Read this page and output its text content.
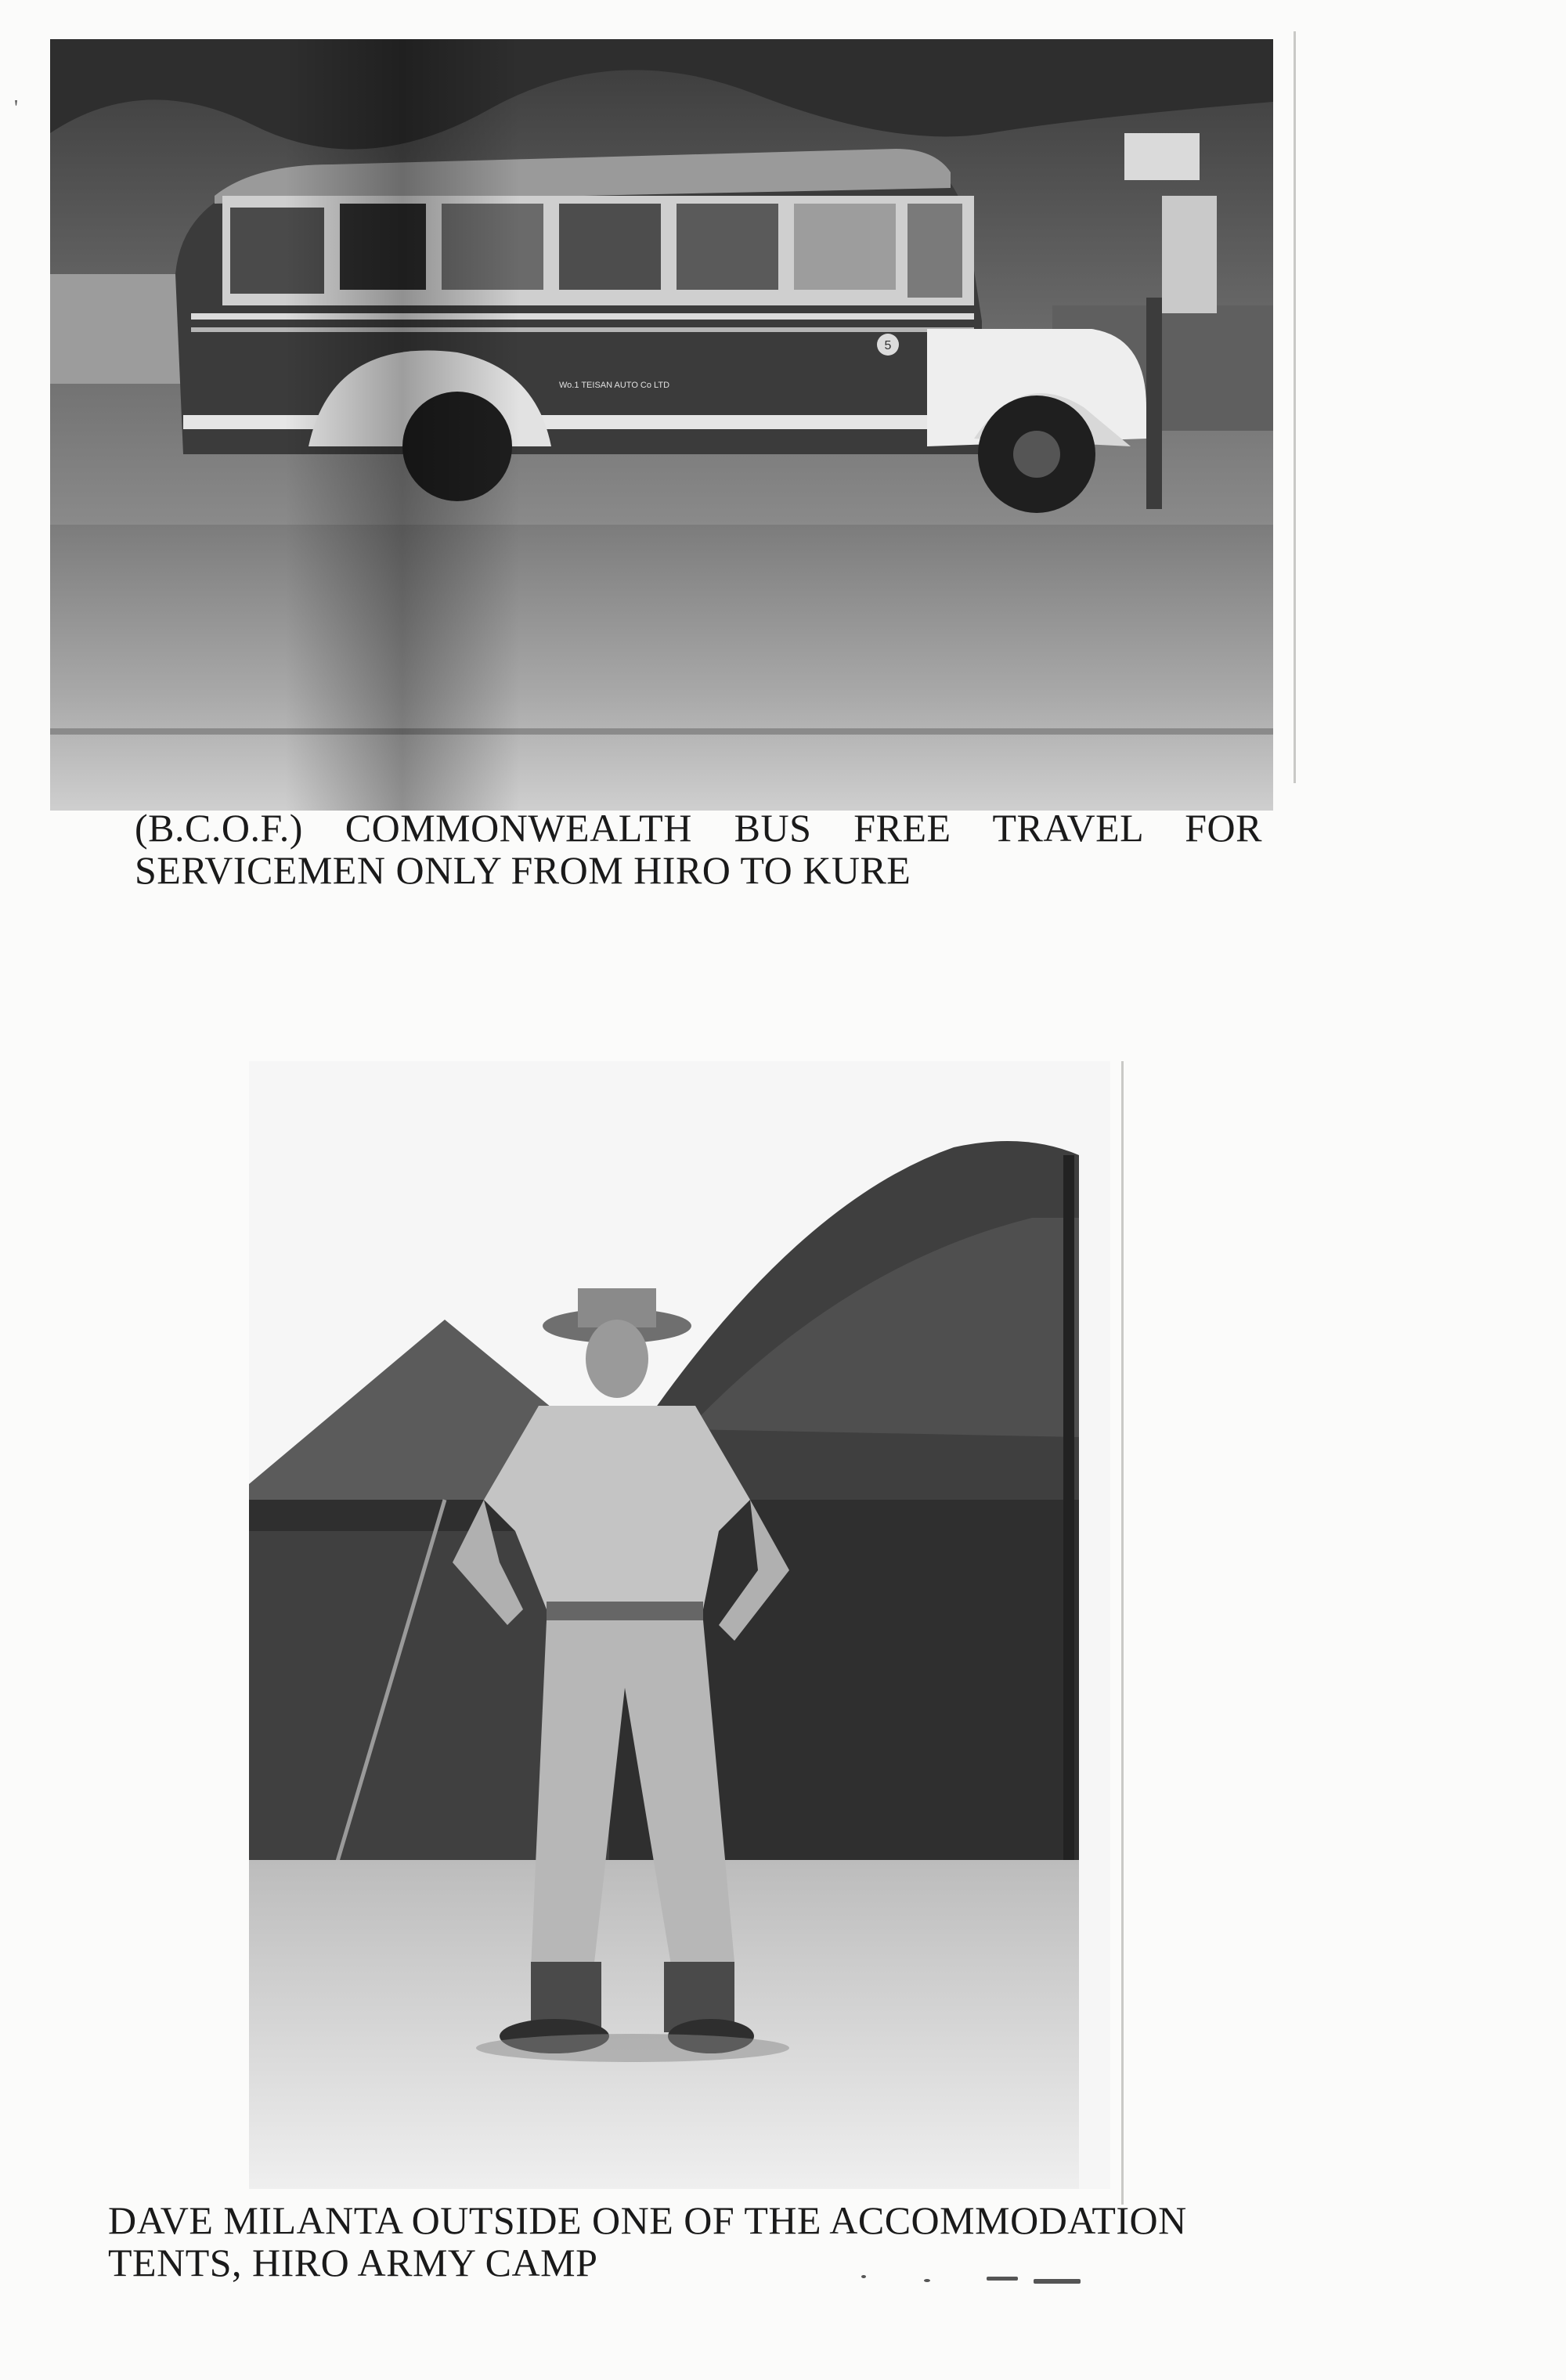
'
5
Wo.1 TEISAN AUTO Co LTD
(B.C.O.F.) COMMONWEALTH BUS FREE TRAVEL FOR
SERVICEMEN ONLY FROM HIRO TO KURE
DAVE MILANTA OUTSIDE ONE OF THE ACCOMMODATION
TENTS, HIRO ARMY CAMP
